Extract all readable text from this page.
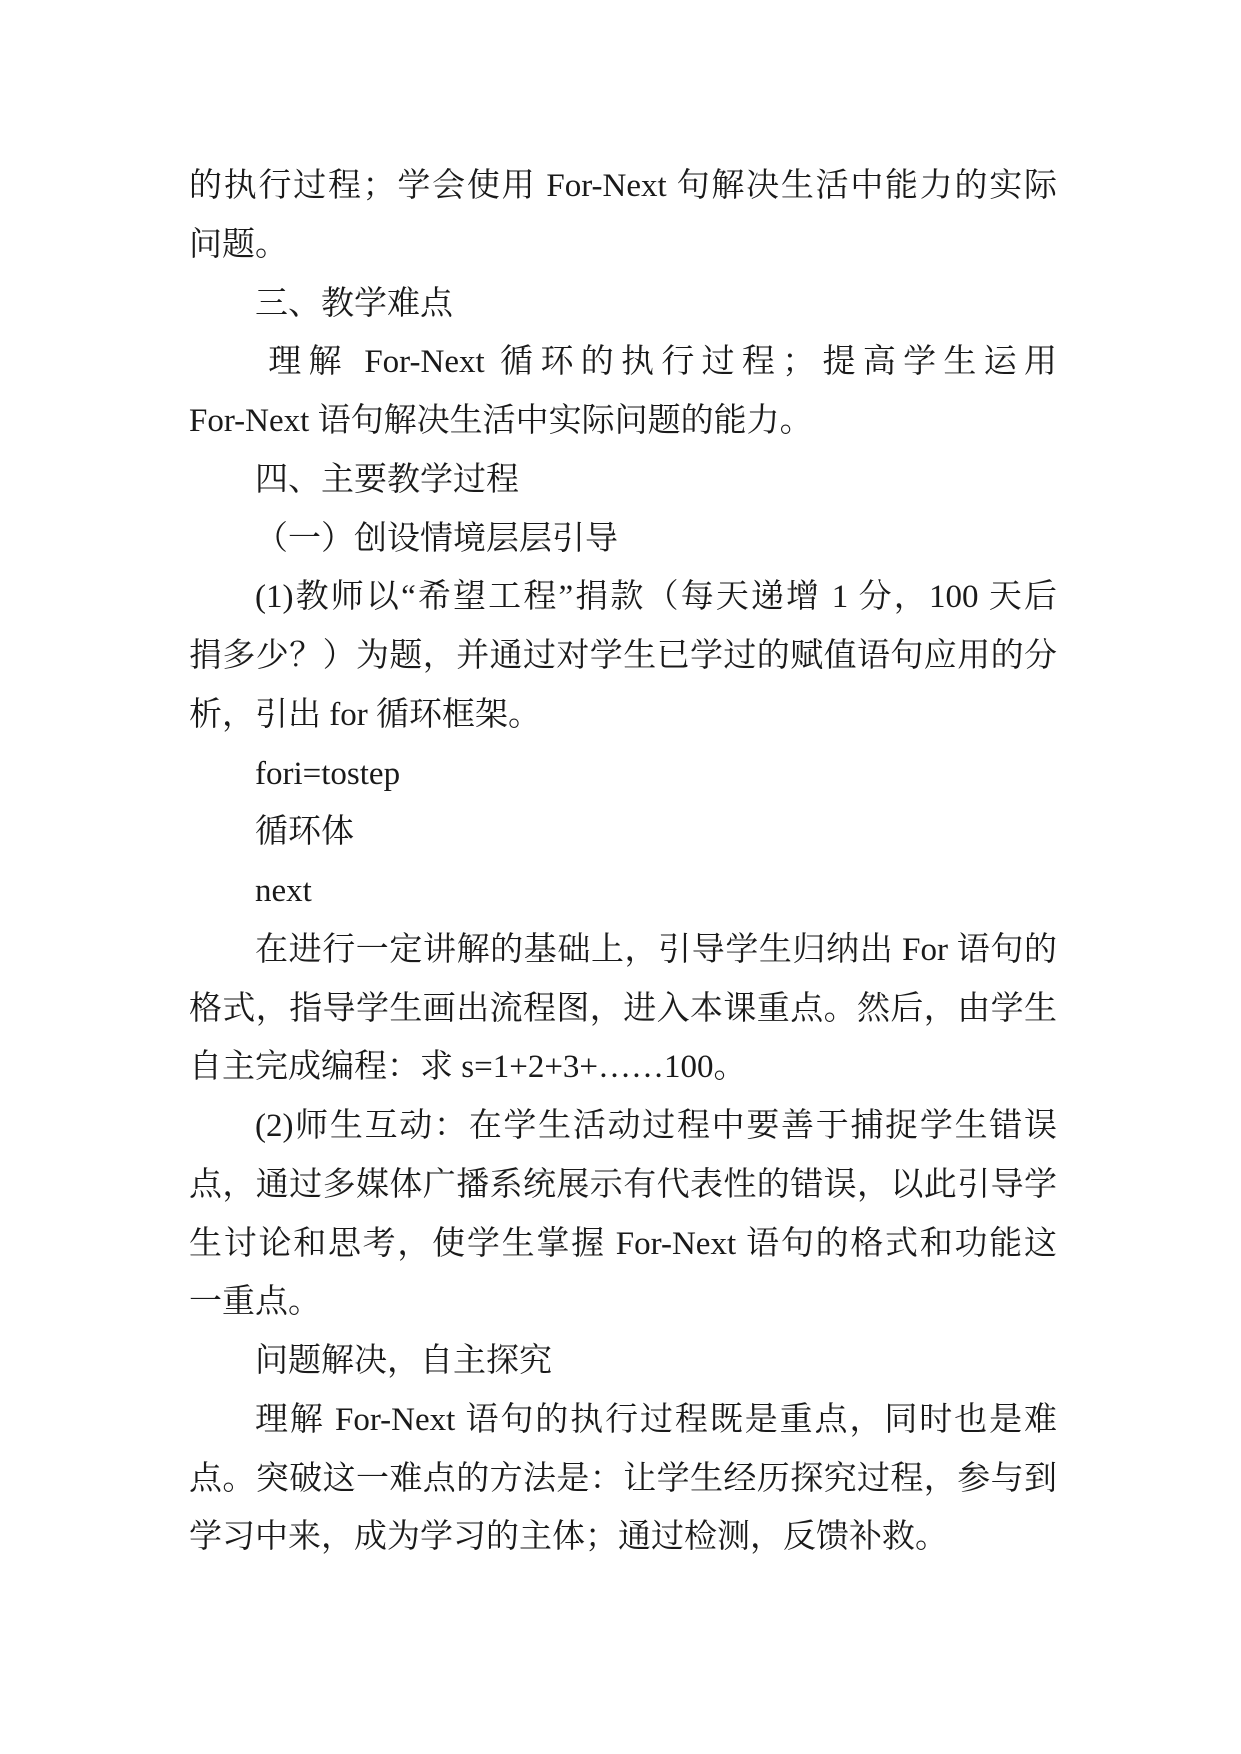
的执行过程；学会使用 For-Next 句解决生活中能力的实际
问题。
三、教学难点
理解 For-Next 循环的执行过程；提高学生运用
For-Next 语句解决生活中实际问题的能力。
四、主要教学过程
（一）创设情境层层引导
(1)教师以“希望工程”捐款（每天递增 1 分，100 天后
捐多少？）为题，并通过对学生已学过的赋值语句应用的分
析，引出 for 循环框架。
fori=tostep
循环体
next
在进行一定讲解的基础上，引导学生归纳出 For 语句的
格式，指导学生画出流程图，进入本课重点。然后，由学生
自主完成编程：求 s=1+2+3+……100。
(2)师生互动：在学生活动过程中要善于捕捉学生错误
点，通过多媒体广播系统展示有代表性的错误，以此引导学
生讨论和思考，使学生掌握 For-Next 语句的格式和功能这
一重点。
问题解决，自主探究
理解 For-Next 语句的执行过程既是重点，同时也是难
点。突破这一难点的方法是：让学生经历探究过程，参与到
学习中来，成为学习的主体；通过检测，反馈补救。
